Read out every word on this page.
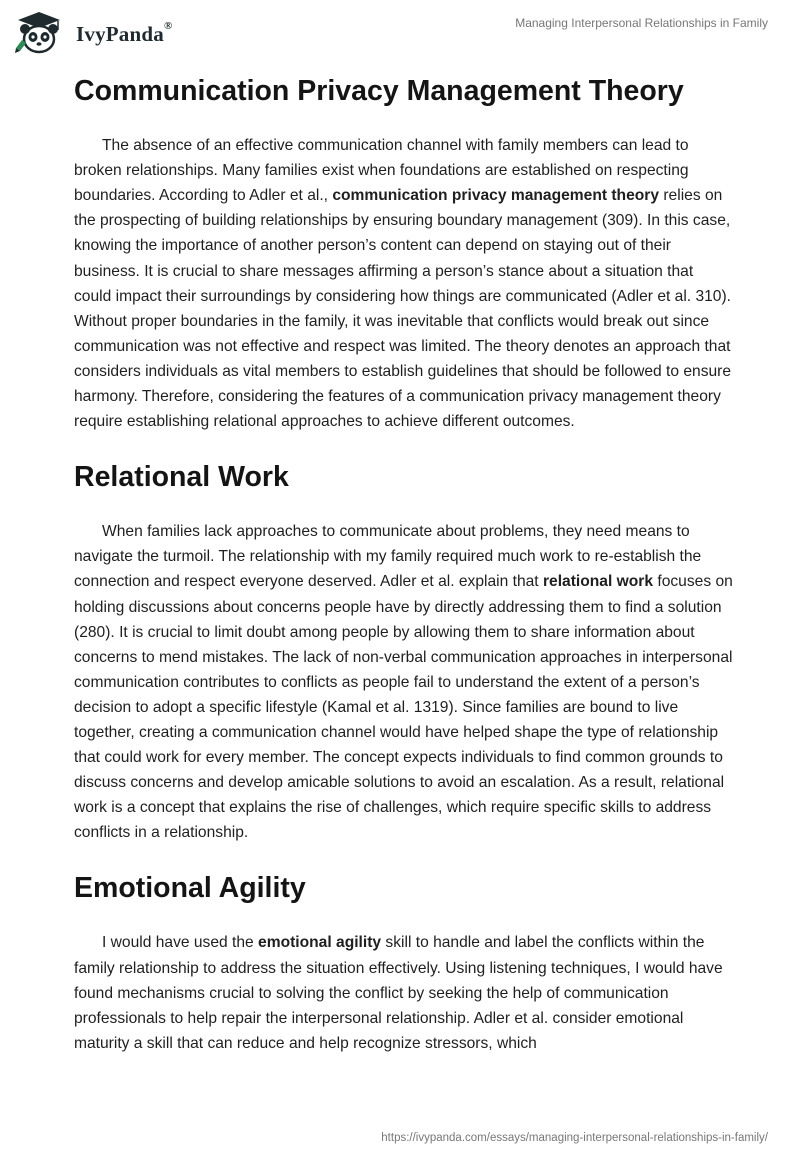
IvyPanda®	Managing Interpersonal Relationships in Family
Communication Privacy Management Theory

The absence of an effective communication channel with family members can lead to broken relationships. Many families exist when foundations are established on respecting boundaries. According to Adler et al., communication privacy management theory relies on the prospecting of building relationships by ensuring boundary management (309). In this case, knowing the importance of another person’s content can depend on staying out of their business. It is crucial to share messages affirming a person’s stance about a situation that could impact their surroundings by considering how things are communicated (Adler et al. 310). Without proper boundaries in the family, it was inevitable that conflicts would break out since communication was not effective and respect was limited. The theory denotes an approach that considers individuals as vital members to establish guidelines that should be followed to ensure harmony. Therefore, considering the features of a communication privacy management theory require establishing relational approaches to achieve different outcomes.

Relational Work

When families lack approaches to communicate about problems, they need means to navigate the turmoil. The relationship with my family required much work to re-establish the connection and respect everyone deserved. Adler et al. explain that relational work focuses on holding discussions about concerns people have by directly addressing them to find a solution (280). It is crucial to limit doubt among people by allowing them to share information about concerns to mend mistakes. The lack of non-verbal communication approaches in interpersonal communication contributes to conflicts as people fail to understand the extent of a person’s decision to adopt a specific lifestyle (Kamal et al. 1319). Since families are bound to live together, creating a communication channel would have helped shape the type of relationship that could work for every member. The concept expects individuals to find common grounds to discuss concerns and develop amicable solutions to avoid an escalation. As a result, relational work is a concept that explains the rise of challenges, which require specific skills to address conflicts in a relationship.

Emotional Agility

I would have used the emotional agility skill to handle and label the conflicts within the family relationship to address the situation effectively. Using listening techniques, I would have found mechanisms crucial to solving the conflict by seeking the help of communication professionals to help repair the interpersonal relationship. Adler et al. consider emotional maturity a skill that can reduce and help recognize stressors, which

https://ivypanda.com/essays/managing-interpersonal-relationships-in-family/
